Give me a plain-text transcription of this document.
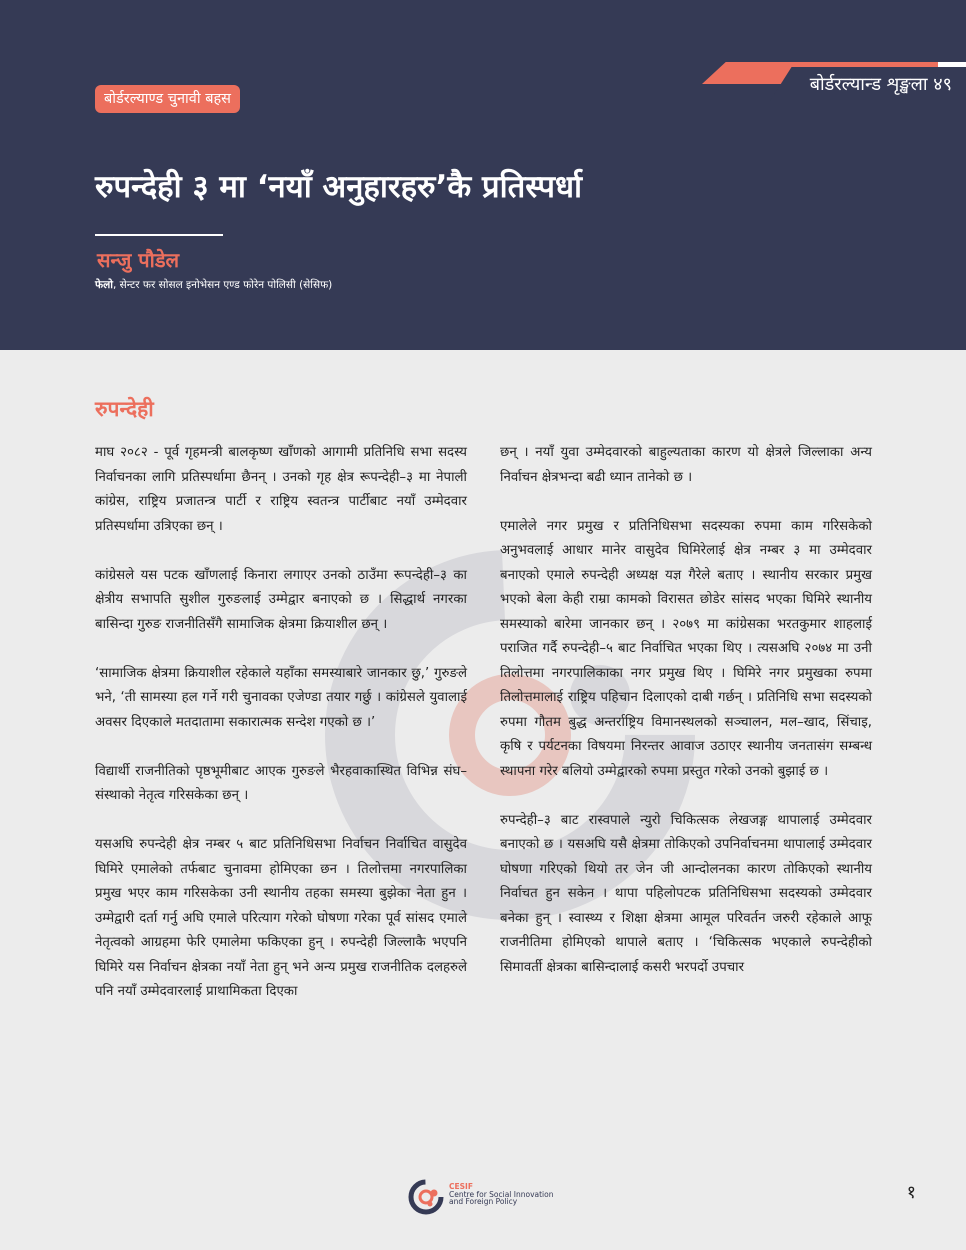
बोर्डरल्यान्ड शृङ्खला ४९
बोर्डरल्याण्ड चुनावी बहस
रुपन्देही ३ मा ‘नयाँ अनुहारहरु’कै प्रतिस्पर्धा
सन्जु पौडेल
फेलो, सेन्टर फर सोसल इनोभेसन एण्ड फोरेन पोलिसी (सेसिफ)
रुपन्देही

माघ २०८२ - पूर्व गृहमन्त्री बालकृष्ण खाँणको आगामी प्रतिनिधि सभा सदस्य निर्वाचनका लागि प्रतिस्पर्धामा छैनन् । उनको गृह क्षेत्र रूपन्देही–३ मा नेपाली कांग्रेस, राष्ट्रिय प्रजातन्त्र पार्टी र राष्ट्रिय स्वतन्त्र पार्टीबाट नयाँ उम्मेदवार प्रतिस्पर्धामा उत्रिएका छन् ।

कांग्रेसले यस पटक खाँणलाई किनारा लगाएर उनको ठाउँमा रूपन्देही–३ का क्षेत्रीय सभापति सुशील गुरुङलाई उम्मेद्वार बनाएको छ । सिद्धार्थ नगरका बासिन्दा गुरुङ राजनीतिसँगै सामाजिक क्षेत्रमा क्रियाशील छन् ।

‘सामाजिक क्षेत्रमा क्रियाशील रहेकाले यहाँका समस्याबारे जानकार छु,’ गुरुङले भने, ‘ती सामस्या हल गर्ने गरी चुनावका एजेण्डा तयार गर्छु । कांग्रेसले युवालाई अवसर दिएकाले मतदातामा सकारात्मक सन्देश गएको छ ।’

विद्यार्थी राजनीतिको पृष्ठभूमीबाट आएक गुरुङले भैरहवाकास्थित विभिन्न संघ–संस्थाको नेतृत्व गरिसकेका छन् ।

यसअघि रुपन्देही क्षेत्र नम्बर ५ बाट प्रतिनिधिसभा निर्वाचन निर्वाचित वासुदेव घिमिरे एमालेको तर्फबाट चुनावमा होमिएका छन । तिलोत्तमा नगरपालिका प्रमुख भएर काम गरिसकेका उनी स्थानीय तहका समस्या बुझेका नेता हुन । उम्मेद्वारी दर्ता गर्नु अघि एमाले परित्याग गरेको घोषणा गरेका पूर्व सांसद एमाले नेतृत्वको आग्रहमा फेरि एमालेमा फकिएका हुन् । रुपन्देही जिल्लाकै भएपनि घिमिरे यस निर्वाचन क्षेत्रका नयाँ नेता हुन् भने अन्य प्रमुख राजनीतिक दलहरुले पनि नयाँ उम्मेदवारलाई प्राथामिकता दिएका

छन् । नयाँ युवा उम्मेदवारको बाहुल्यताका कारण यो क्षेत्रले जिल्लाका अन्य निर्वाचन क्षेत्रभन्दा बढी ध्यान तानेको छ ।

एमालेले नगर प्रमुख र प्रतिनिधिसभा सदस्यका रुपमा काम गरिसकेको अनुभवलाई आधार मानेर वासुदेव घिमिरेलाई क्षेत्र नम्बर ३ मा उम्मेदवार बनाएको एमाले रुपन्देही अध्यक्ष यज्ञ गैरेले बताए । स्थानीय सरकार प्रमुख भएको बेला केही राम्रा कामको विरासत छोडेर सांसद भएका घिमिरे स्थानीय समस्याको बारेमा जानकार छन् । २०७९ मा कांग्रेसका भरतकुमार शाहलाई पराजित गर्दै रुपन्देही–५ बाट निर्वाचित भएका थिए । त्यसअघि २०७४ मा उनी तिलोत्तमा नगरपालिकाका नगर प्रमुख थिए । घिमिरे नगर प्रमुखका रुपमा तिलोत्तमालाई राष्ट्रिय पहिचान दिलाएको दाबी गर्छन् । प्रतिनिधि सभा सदस्यको रुपमा गौतम बुद्ध अन्तर्राष्ट्रिय विमानस्थलको सञ्चालन, मल–खाद, सिंचाइ, कृषि र पर्यटनका विषयमा निरन्तर आवाज उठाएर स्थानीय जनतासंग सम्बन्ध स्थापना गरेर बलियो उम्मेद्वारको रुपमा प्रस्तुत गरेको उनको बुझाई छ ।

रुपन्देही–३ बाट रास्वपाले न्युरो चिकित्सक लेखजङ्ग थापालाई उम्मेदवार बनाएको छ । यसअघि यसै क्षेत्रमा तोकिएको उपनिर्वाचनमा थापालाई उम्मेदवार घोषणा गरिएको थियो तर जेन जी आन्दोलनका कारण तोकिएको स्थानीय निर्वाचत हुन सकेन । थापा पहिलोपटक प्रतिनिधिसभा सदस्यको उम्मेदवार बनेका हुन् । स्वास्थ्य र शिक्षा क्षेत्रमा आमूल परिवर्तन जरुरी रहेकाले आफू राजनीतिमा होमिएको थापाले बताए । ‘चिकित्सक भएकाले रुपन्देहीको सिमावर्ती क्षेत्रका बासिन्दालाई कसरी भरपर्दो उपचार

CESIF
Centre for Social Innovation
and Foreign Policy	१
